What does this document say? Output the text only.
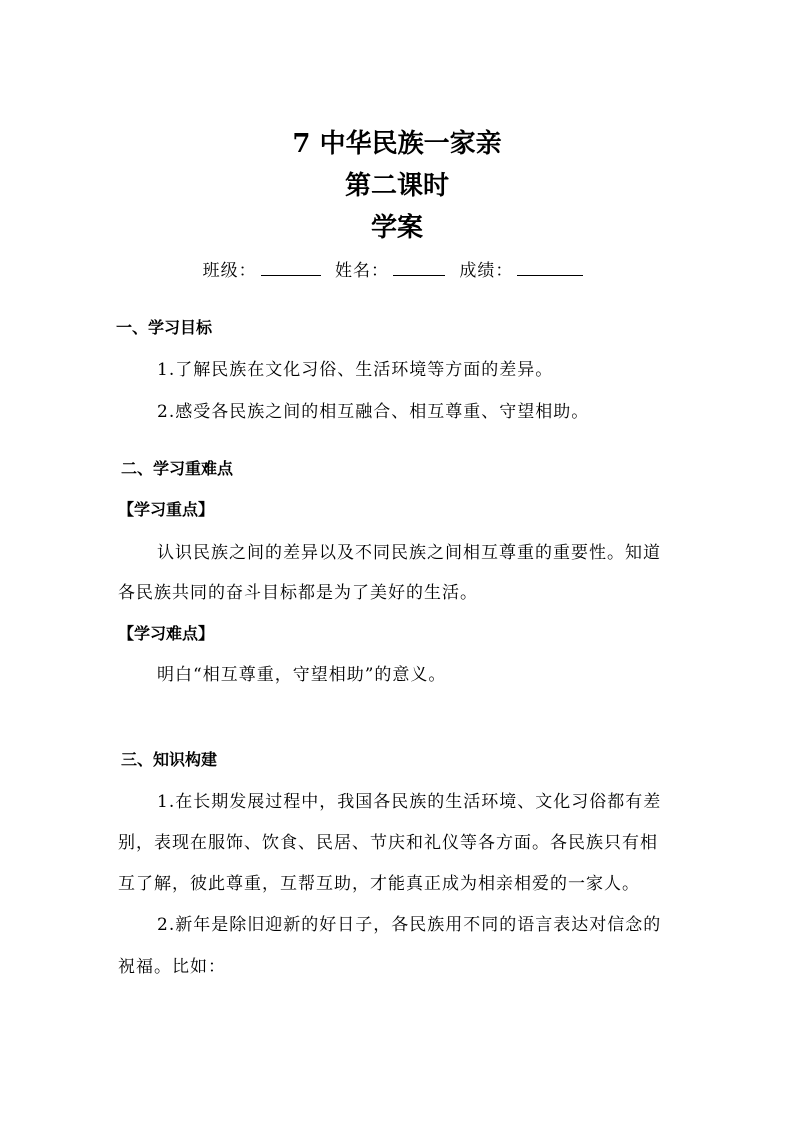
7 中华民族一家亲
第二课时
学案
班级：	姓名：	成绩：
一、学习目标
1.了解民族在文化习俗、生活环境等方面的差异。
2.感受各民族之间的相互融合、相互尊重、守望相助。
二、学习重难点
【学习重点】
认识民族之间的差异以及不同民族之间相互尊重的重要性。知道
各民族共同的奋斗目标都是为了美好的生活。
【学习难点】
明白“相互尊重，守望相助”的意义。
三、知识构建
1.在长期发展过程中，我国各民族的生活环境、文化习俗都有差
别，表现在服饰、饮食、民居、节庆和礼仪等各方面。各民族只有相
互了解，彼此尊重，互帮互助，才能真正成为相亲相爱的一家人。
2.新年是除旧迎新的好日子，各民族用不同的语言表达对信念的
祝福。比如：
